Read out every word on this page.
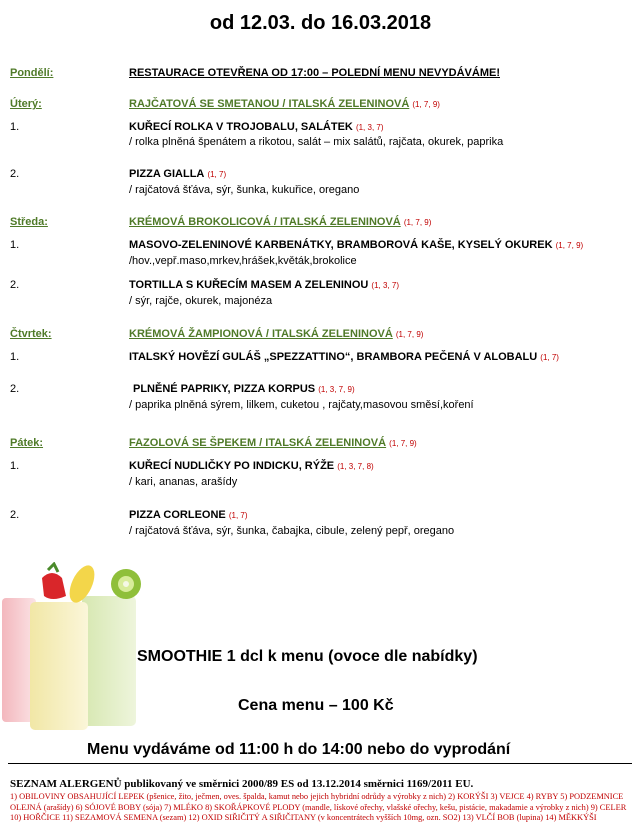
od 12.03. do 16.03.2018
Pondělí:	RESTAURACE OTEVŘENA OD 17:00 – POLEDNÍ MENU NEVYDÁVÁME!
Úterý:	RAJČATOVÁ SE SMETANOU / ITALSKÁ ZELENINOVÁ (1, 7, 9)
1.	KUŘECÍ ROLKA V TROJOBALU, SALÁTEK (1, 3, 7)
/ rolka plněná špenátem a rikotou, salát – mix salátů, rajčata, okurek, paprika
2.	PIZZA GIALLA (1, 7)
/ rajčatová šťáva, sýr, šunka, kukuřice, oregano
Středa:	KRÉMOVÁ BROKOLICOVÁ / ITALSKÁ ZELENINOVÁ (1, 7, 9)
1.	MASOVO-ZELENINOVÉ KARBENÁTKY, BRAMBOROVÁ KAŠE, KYSELÝ OKUREK (1, 7, 9)
/hov.,vepř.maso,mrkev,hrášek,květák,brokolice
2.	TORTILLA S KUŘECÍM MASEM A ZELENINOU (1, 3, 7)
/ sýr, rajče, okurek, majonéza
Čtvrtek:	KRÉMOVÁ ŽAMPIONOVÁ / ITALSKÁ ZELENINOVÁ (1, 7, 9)
1.	ITALSKÝ HOVĚZÍ GULÁŠ „SPEZZATTINO“, BRAMBORA PEČENÁ V ALOBALU (1, 7)
2.	PLNĚNÉ PAPRIKY, PIZZA KORPUS (1, 3, 7, 9)
/ paprika plněná sýrem, lilkem, cuketou , rajčaty,masovou směsí,koření
Pátek:	FAZOLOVÁ SE ŠPEKEM / ITALSKÁ ZELENINOVÁ (1, 7, 9)
1.	KUŘECÍ NUDLIČKY PO INDICKU, RÝŽE (1, 3, 7, 8)
/ kari, ananas, arašídy
2.	PIZZA CORLEONE (1, 7)
/ rajčatová šťáva, sýr, šunka, čabajka, cibule, zelený pepř, oregano
SMOOTHIE 1 dcl k menu (ovoce dle nabídky)
Cena menu – 100 Kč
Menu vydáváme od 11:00 h do 14:00 nebo do vyprodání
SEZNAM ALERGENŮ publikovaný ve směrnici 2000/89 ES od 13.12.2014 směrnici 1169/2011 EU.
1) OBILOVINY OBSAHUJÍCÍ LEPEK (pšenice, žito, ječmen, oves. špalda, kamut nebo jejich hybridní odrůdy a výrobky z nich) 2) KORÝŠI 3) VEJCE 4) RYBY 5) PODZEMNICE OLEJNÁ (arašídy) 6) SÓJOVÉ BOBY (sója) 7) MLÉKO 8) SKOŘÁPKOVÉ PLODY (mandle, lískové ořechy, vlašské ořechy, kešu, pistácie, makadamie a výrobky z nich) 9) CELER 10) HOŘČICE 11) SEZAMOVÁ SEMENA (sezam) 12) OXID SIŘIČITÝ A SIŘIČITANY (v koncentrátech vyšších 10mg, ozn. SO2) 13) VLČÍ BOB (lupina) 14) MĚKKÝŠI
